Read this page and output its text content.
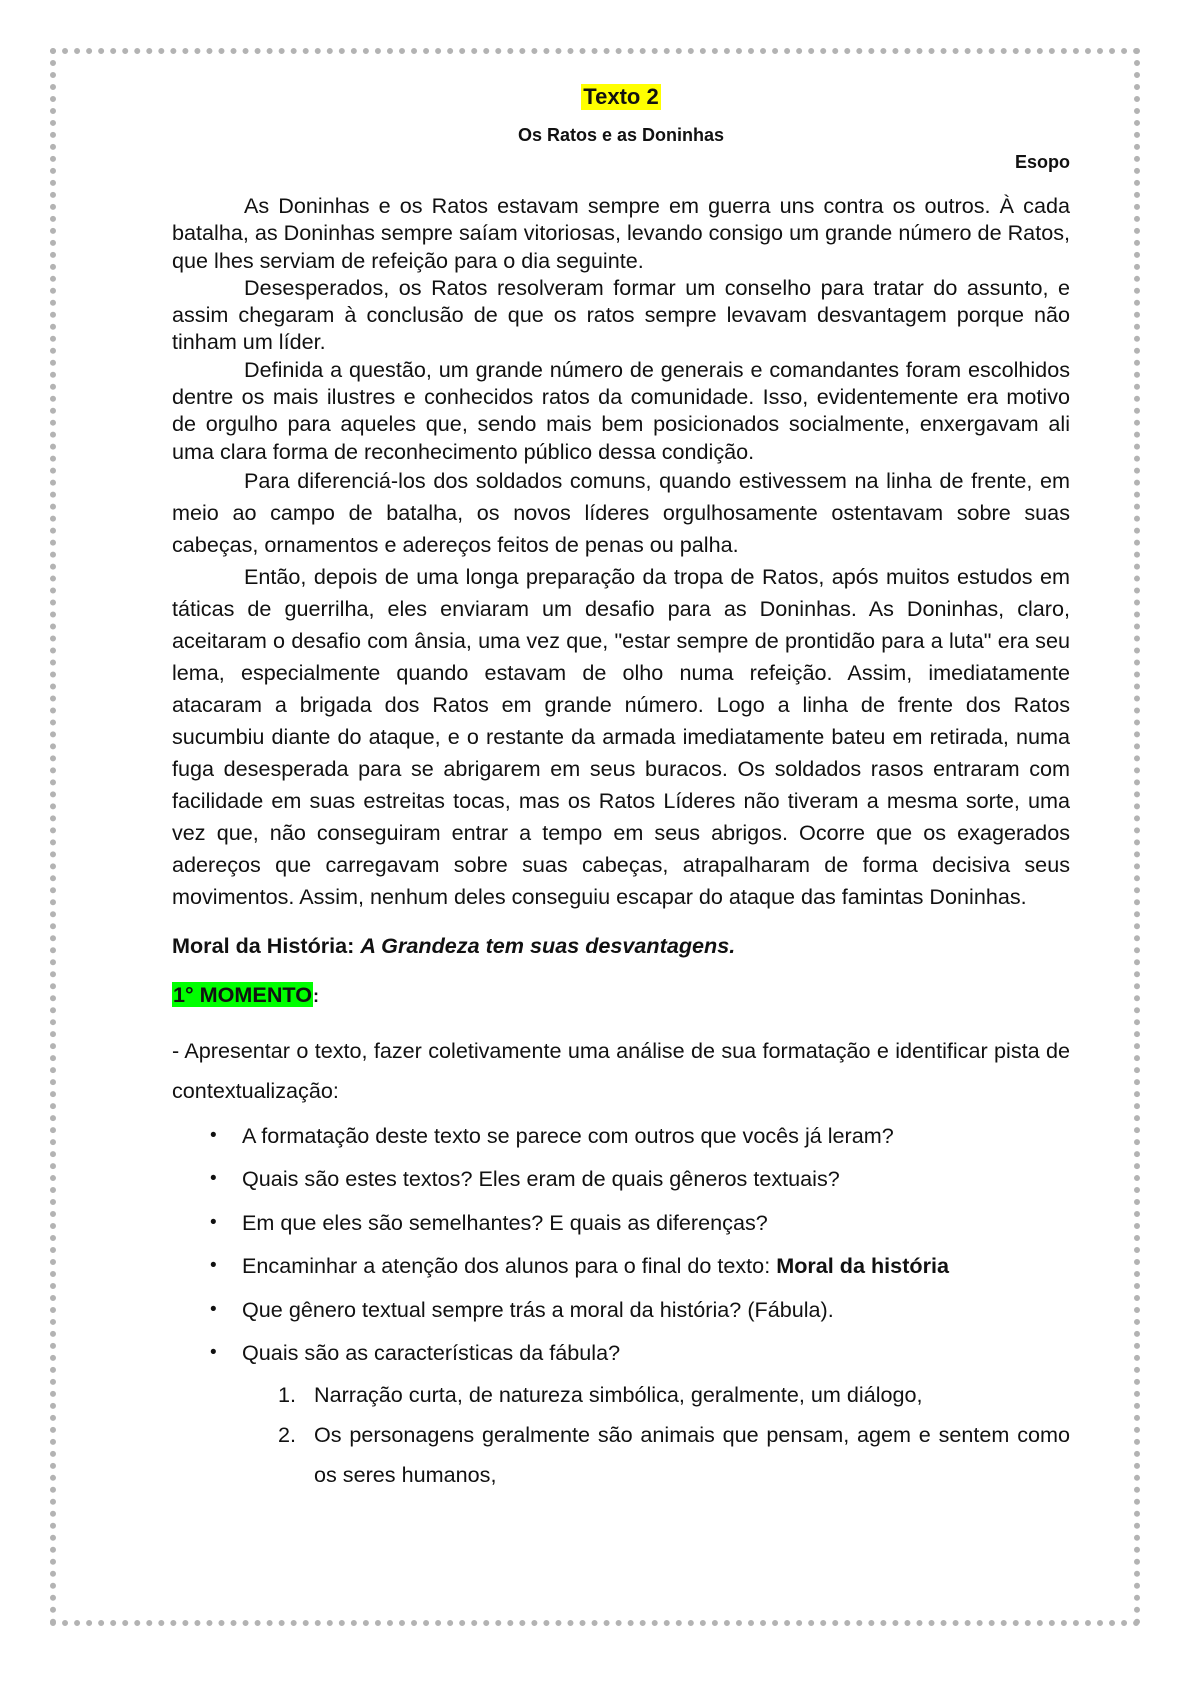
Texto 2

Os Ratos e as Doninhas

Esopo

As Doninhas e os Ratos estavam sempre em guerra uns contra os outros. À cada batalha, as Doninhas sempre saíam vitoriosas, levando consigo um grande número de Ratos, que lhes serviam de refeição para o dia seguinte.

Desesperados, os Ratos resolveram formar um conselho para tratar do assunto, e assim chegaram à conclusão de que os ratos sempre levavam desvantagem porque não tinham um líder.

Definida a questão, um grande número de generais e comandantes foram escolhidos dentre os mais ilustres e conhecidos ratos da comunidade. Isso, evidentemente era motivo de orgulho para aqueles que, sendo mais bem posicionados socialmente, enxergavam ali uma clara forma de reconhecimento público dessa condição.

Para diferenciá-los dos soldados comuns, quando estivessem na linha de frente, em meio ao campo de batalha, os novos líderes orgulhosamente ostentavam sobre suas cabeças, ornamentos e adereços feitos de penas ou palha.

Então, depois de uma longa preparação da tropa de Ratos, após muitos estudos em táticas de guerrilha, eles enviaram um desafio para as Doninhas. As Doninhas, claro, aceitaram o desafio com ânsia, uma vez que, "estar sempre de prontidão para a luta" era seu lema, especialmente quando estavam de olho numa refeição. Assim, imediatamente atacaram a brigada dos Ratos em grande número. Logo a linha de frente dos Ratos sucumbiu diante do ataque, e o restante da armada imediatamente bateu em retirada, numa fuga desesperada para se abrigarem em seus buracos. Os soldados rasos entraram com facilidade em suas estreitas tocas, mas os Ratos Líderes não tiveram a mesma sorte, uma vez que, não conseguiram entrar a tempo em seus abrigos. Ocorre que os exagerados adereços que carregavam sobre suas cabeças, atrapalharam de forma decisiva seus movimentos. Assim, nenhum deles conseguiu escapar do ataque das famintas Doninhas.

Moral da História: A Grandeza tem suas desvantagens.

1° MOMENTO:

- Apresentar o texto, fazer coletivamente uma análise de sua formatação e identificar pista de contextualização:

• A formatação deste texto se parece com outros que vocês já leram?
• Quais são estes textos? Eles eram de quais gêneros textuais?
• Em que eles são semelhantes? E quais as diferenças?
• Encaminhar a atenção dos alunos para o final do texto: Moral da história
• Que gênero textual sempre trás a moral da história? (Fábula).
• Quais são as características da fábula?
1. Narração curta, de natureza simbólica, geralmente, um diálogo,
2. Os personagens geralmente são animais que pensam, agem e sentem como os seres humanos,
